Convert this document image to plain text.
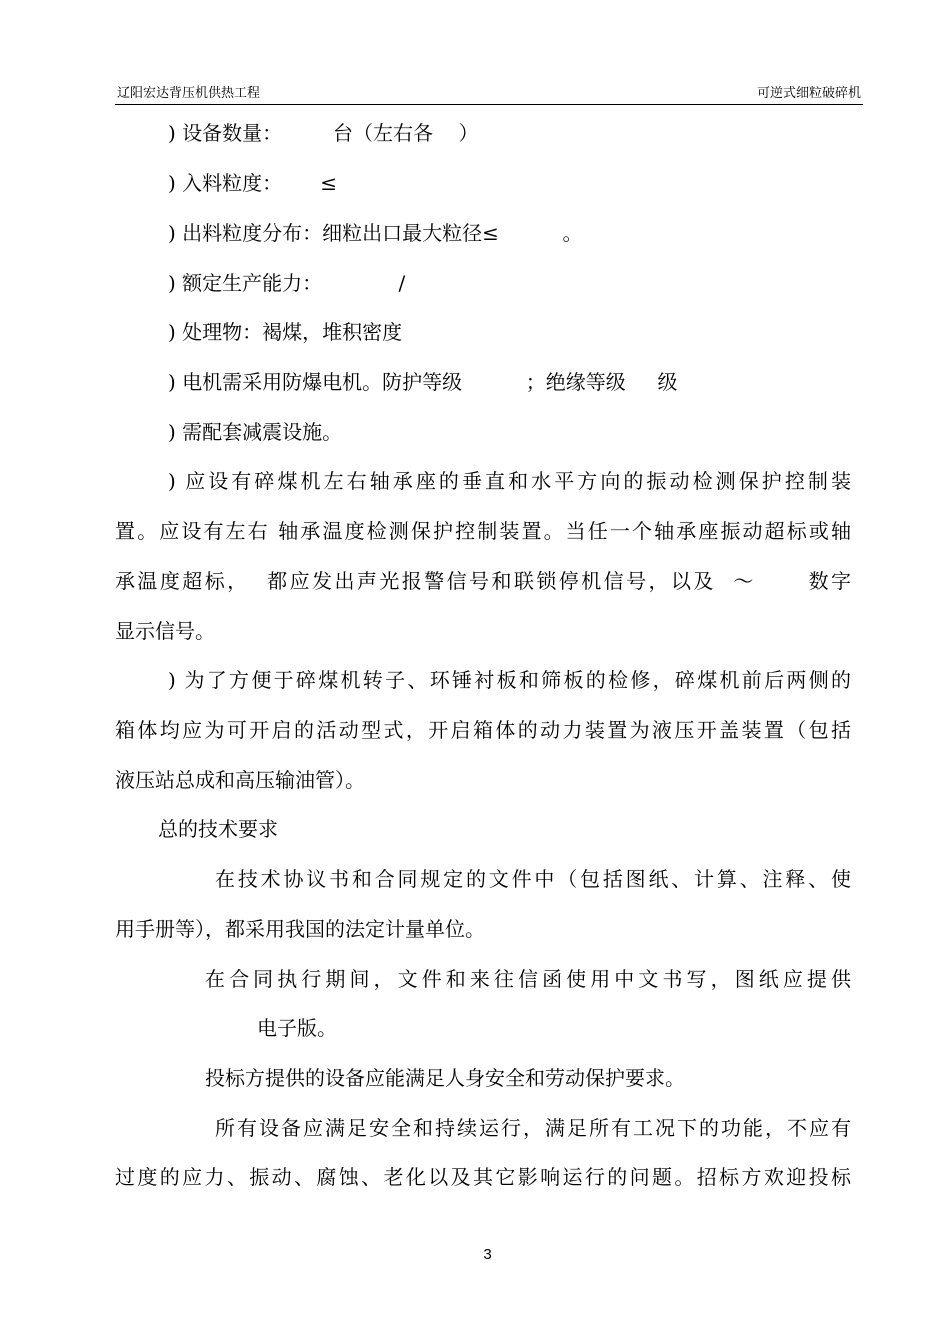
辽阳宏达背压机供热工程	可逆式细粒破碎机
) 设备数量：        台（左右各    ）
) 入料粒度：      ≤
) 出料粒度分布：细粒出口最大粒径≤          。
) 额定生产能力：            /
) 处理物：褐煤，堆积密度
) 电机需采用防爆电机。防护等级          ；绝缘等级     级
) 需配套减震设施。
) 应设有碎煤机左右轴承座的垂直和水平方向的振动检测保护控制装
置。应设有左右 轴承温度检测保护控制装置。当任一个轴承座振动超标或轴
承温度超标，  都应发出声光报警信号和联锁停机信号，以及  ～      数字
显示信号。
) 为了方便于碎煤机转子、环锤衬板和筛板的检修，碎煤机前后两侧的
箱体均应为可开启的活动型式，开启箱体的动力装置为液压开盖装置（包括
液压站总成和高压输油管）。
总的技术要求
在技术协议书和合同规定的文件中（包括图纸、计算、注释、使
用手册等），都采用我国的法定计量单位。
在合同执行期间，文件和来往信函使用中文书写，图纸应提供
电子版。
投标方提供的设备应能满足人身安全和劳动保护要求。
所有设备应满足安全和持续运行，满足所有工况下的功能，不应有
过度的应力、振动、腐蚀、老化以及其它影响运行的问题。招标方欢迎投标
3
